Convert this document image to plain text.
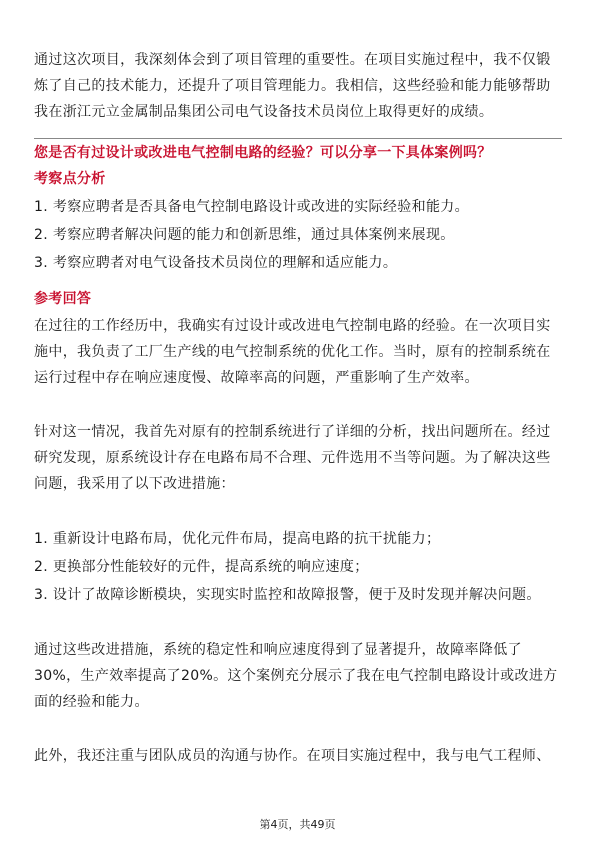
通过这次项目，我深刻体会到了项目管理的重要性。在项目实施过程中，我不仅锻炼了自己的技术能力，还提升了项目管理能力。我相信，这些经验和能力能够帮助我在浙江元立金属制品集团公司电气设备技术员岗位上取得更好的成绩。

您是否有过设计或改进电气控制电路的经验？可以分享一下具体案例吗？
考察点分析
1. 考察应聘者是否具备电气控制电路设计或改进的实际经验和能力。
2. 考察应聘者解决问题的能力和创新思维，通过具体案例来展现。
3. 考察应聘者对电气设备技术员岗位的理解和适应能力。
参考回答

在过往的工作经历中，我确实有过设计或改进电气控制电路的经验。在一次项目实施中，我负责了工厂生产线的电气控制系统的优化工作。当时，原有的控制系统在运行过程中存在响应速度慢、故障率高的问题，严重影响了生产效率。

针对这一情况，我首先对原有的控制系统进行了详细的分析，找出问题所在。经过研究发现，原系统设计存在电路布局不合理、元件选用不当等问题。为了解决这些问题，我采用了以下改进措施：

1. 重新设计电路布局，优化元件布局，提高电路的抗干扰能力；
2. 更换部分性能较好的元件，提高系统的响应速度；
3. 设计了故障诊断模块，实现实时监控和故障报警，便于及时发现并解决问题。

通过这些改进措施，系统的稳定性和响应速度得到了显著提升，故障率降低了30%，生产效率提高了20%。这个案例充分展示了我在电气控制电路设计或改进方面的经验和能力。

此外，我还注重与团队成员的沟通与协作。在项目实施过程中，我与电气工程师、

第4页，共49页
